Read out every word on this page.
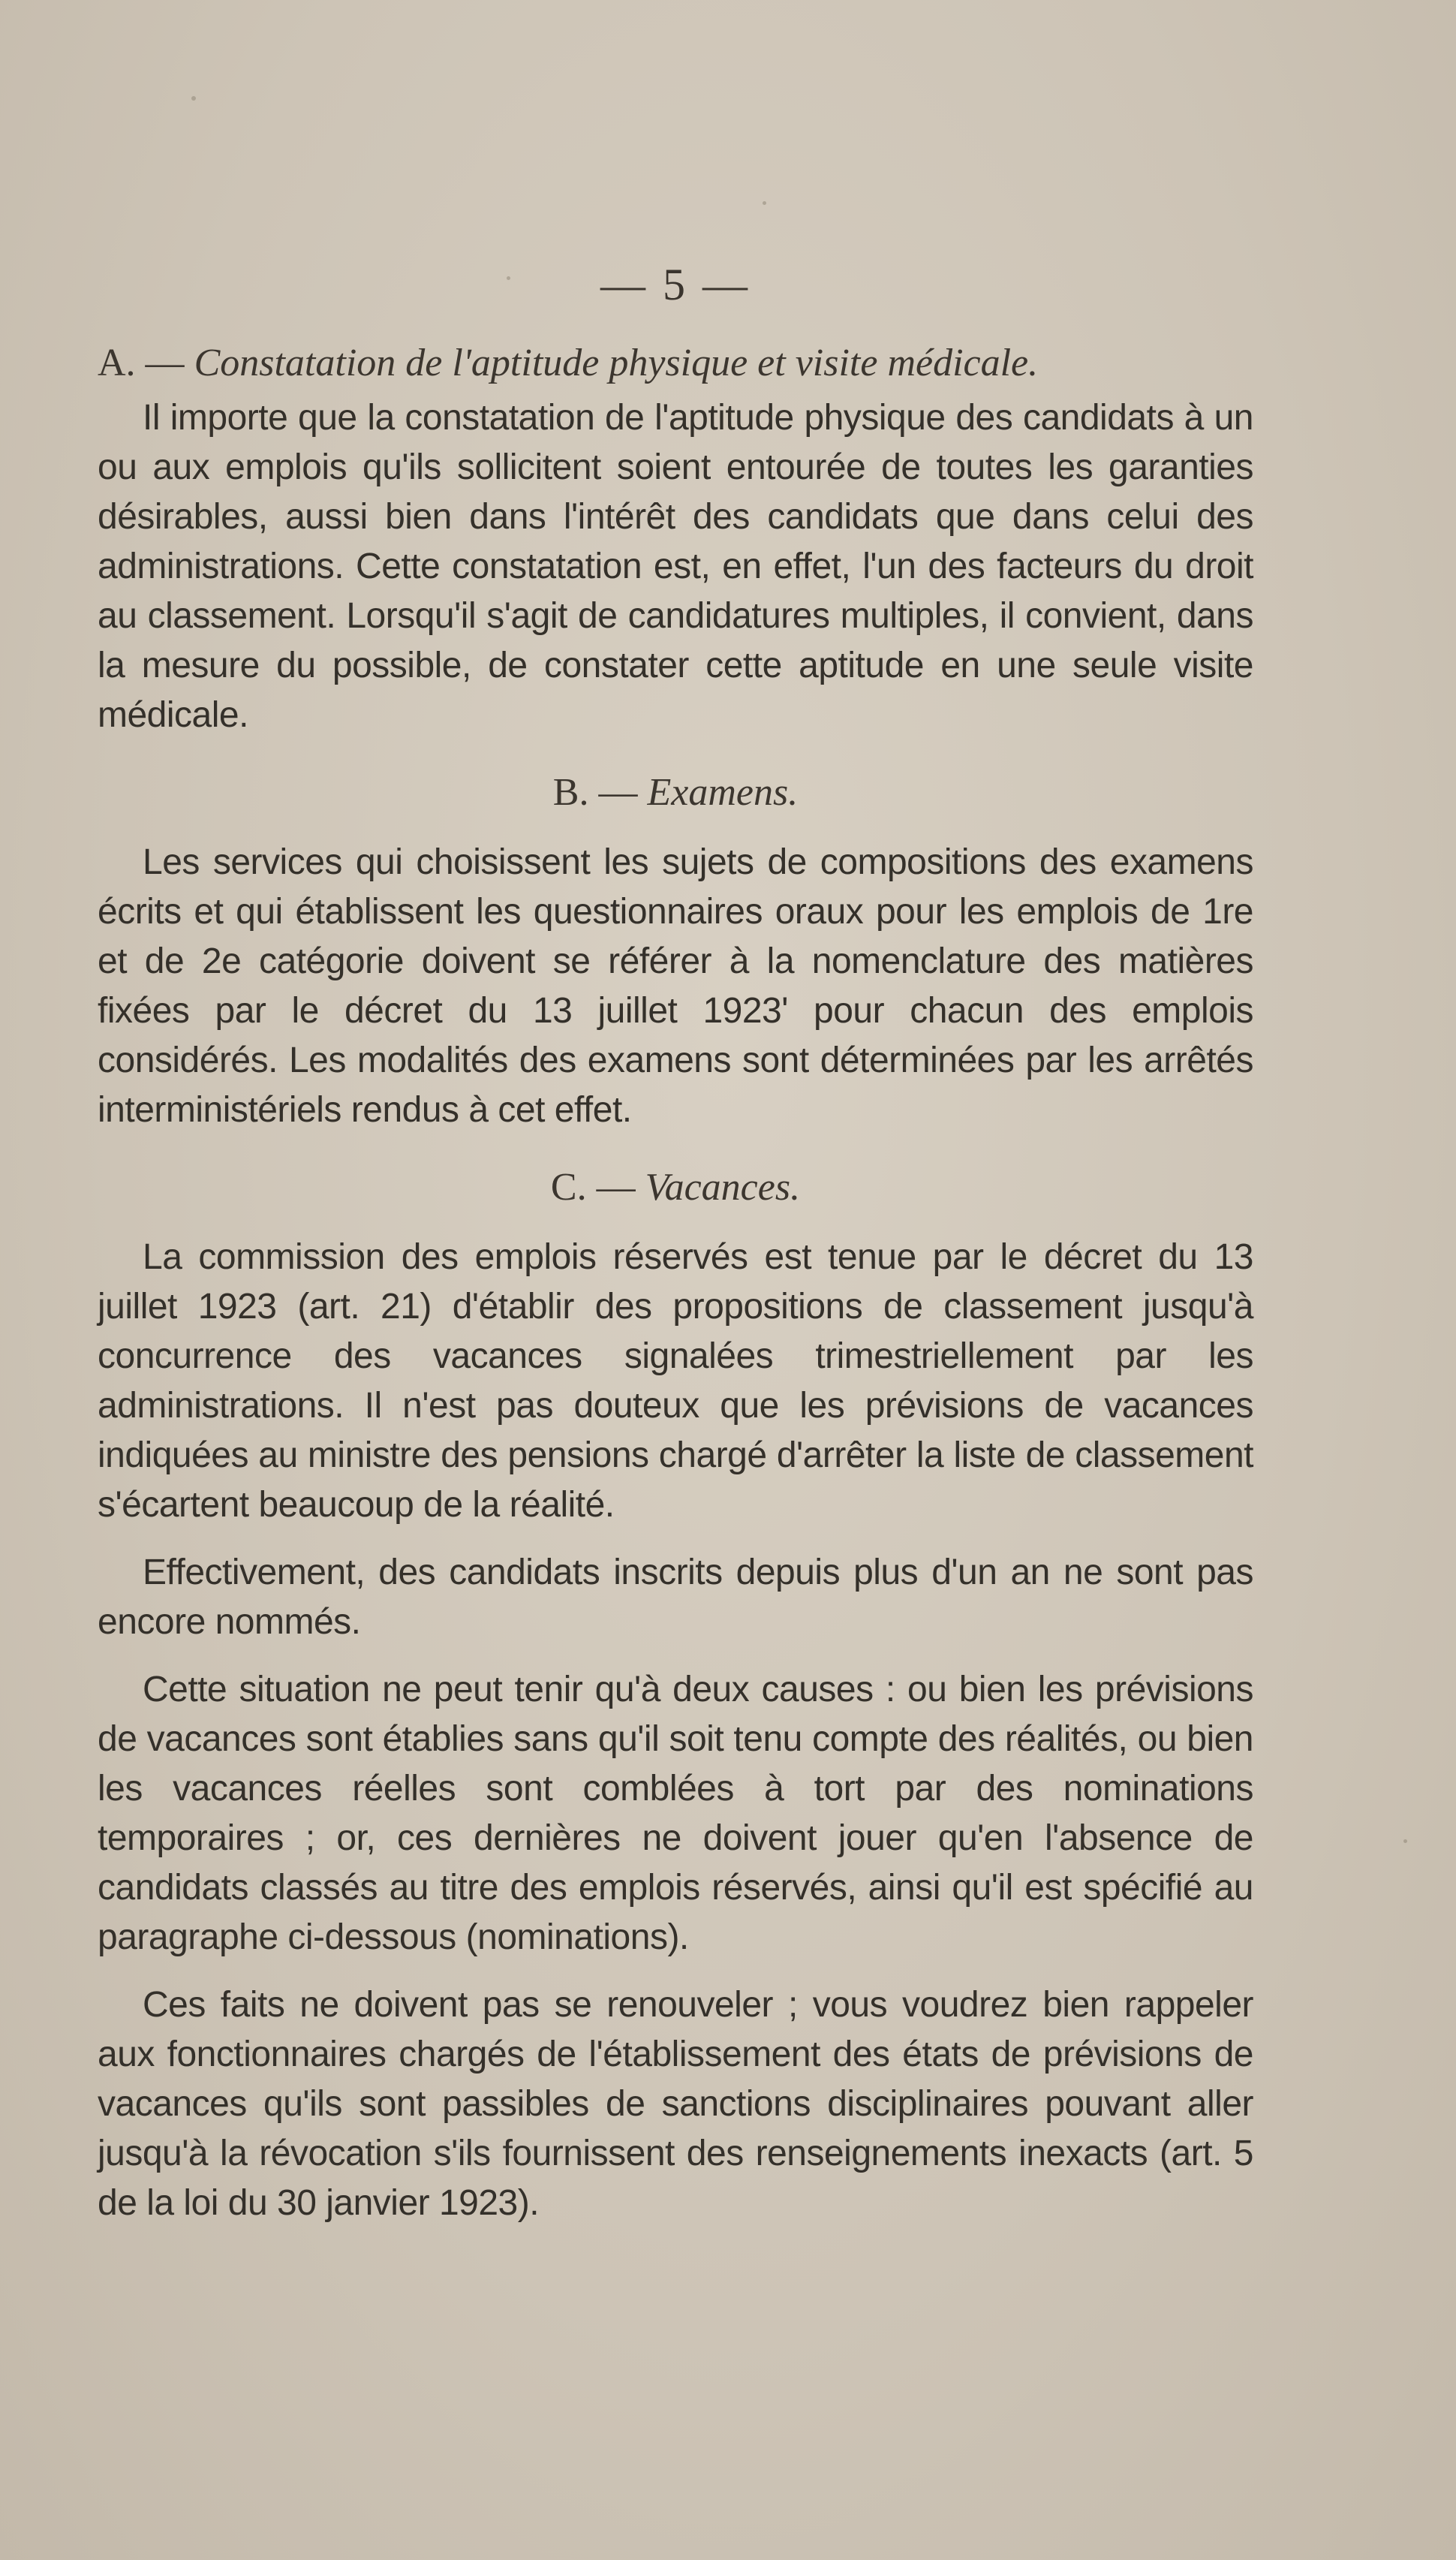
— 5 —

A. — Constatation de l'aptitude physique et visite médicale.

Il importe que la constatation de l'aptitude physique des candidats à un ou aux emplois qu'ils sollicitent soient entourée de toutes les garanties désirables, aussi bien dans l'intérêt des candidats que dans celui des administrations. Cette constatation est, en effet, l'un des facteurs du droit au classement. Lorsqu'il s'agit de candidatures multiples, il convient, dans la mesure du possible, de constater cette aptitude en une seule visite médicale.

B. — Examens.

Les services qui choisissent les sujets de compositions des examens écrits et qui établissent les questionnaires oraux pour les emplois de 1re et de 2e catégorie doivent se référer à la nomenclature des matières fixées par le décret du 13 juillet 1923' pour chacun des emplois considérés. Les modalités des examens sont déterminées par les arrêtés interministériels rendus à cet effet.

C. — Vacances.

La commission des emplois réservés est tenue par le décret du 13 juillet 1923 (art. 21) d'établir des propositions de classement jusqu'à concurrence des vacances signalées trimestriellement par les administrations. Il n'est pas douteux que les prévisions de vacances indiquées au ministre des pensions chargé d'arrêter la liste de classement s'écartent beaucoup de la réalité.

Effectivement, des candidats inscrits depuis plus d'un an ne sont pas encore nommés.

Cette situation ne peut tenir qu'à deux causes : ou bien les prévisions de vacances sont établies sans qu'il soit tenu compte des réalités, ou bien les vacances réelles sont comblées à tort par des nominations temporaires ; or, ces dernières ne doivent jouer qu'en l'absence de candidats classés au titre des emplois réservés, ainsi qu'il est spécifié au paragraphe ci-dessous (nominations).

Ces faits ne doivent pas se renouveler ; vous voudrez bien rappeler aux fonctionnaires chargés de l'établissement des états de prévisions de vacances qu'ils sont passibles de sanctions disciplinaires pouvant aller jusqu'à la révocation s'ils fournissent des renseignements inexacts (art. 5 de la loi du 30 janvier 1923).
